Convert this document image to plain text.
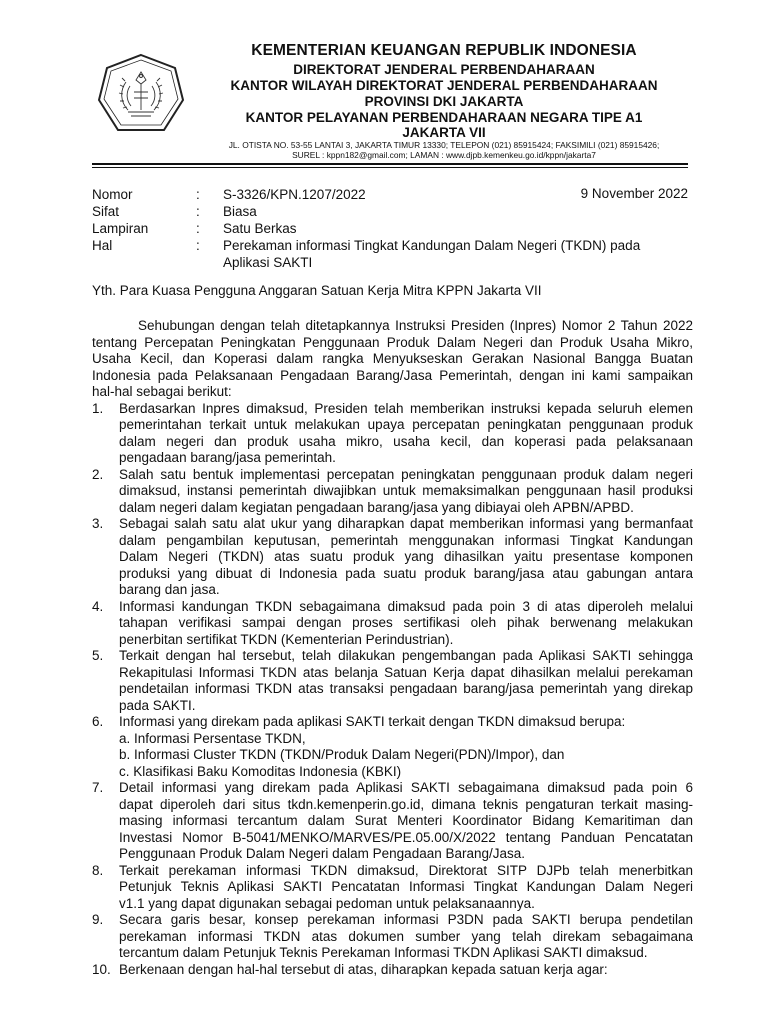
KEMENTERIAN KEUANGAN REPUBLIK INDONESIA
DIREKTORAT JENDERAL PERBENDAHARAAN
KANTOR WILAYAH DIREKTORAT JENDERAL PERBENDAHARAAN
PROVINSI DKI JAKARTA
KANTOR PELAYANAN PERBENDAHARAAN NEGARA TIPE A1
JAKARTA VII
JL. OTISTA NO. 53-55 LANTAI 3, JAKARTA TIMUR 13330; TELEPON (021) 85915424; FAKSIMILI (021) 85915426;
SUREL : kppn182@gmail.com; LAMAN : www.djpb.kemenkeu.go.id/kppn/jakarta7
Nomor	: S-3326/KPN.1207/2022	9 November 2022
Sifat	: Biasa
Lampiran	: Satu Berkas
Hal	: Perekaman informasi Tingkat Kandungan Dalam Negeri (TKDN) pada
Aplikasi SAKTI
Yth. Para Kuasa Pengguna Anggaran Satuan Kerja Mitra KPPN Jakarta VII
Sehubungan dengan telah ditetapkannya Instruksi Presiden (Inpres) Nomor 2 Tahun 2022
tentang Percepatan Peningkatan Penggunaan Produk Dalam Negeri dan Produk Usaha Mikro,
Usaha Kecil, dan Koperasi dalam rangka Menyukseskan Gerakan Nasional Bangga Buatan
Indonesia pada Pelaksanaan Pengadaan Barang/Jasa Pemerintah, dengan ini kami sampaikan
hal-hal sebagai berikut:
1. Berdasarkan Inpres dimaksud, Presiden telah memberikan instruksi kepada seluruh elemen
pemerintahan terkait untuk melakukan upaya percepatan peningkatan penggunaan produk
dalam negeri dan produk usaha mikro, usaha kecil, dan koperasi pada pelaksanaan
pengadaan barang/jasa pemerintah.
2. Salah satu bentuk implementasi percepatan peningkatan penggunaan produk dalam negeri
dimaksud, instansi pemerintah diwajibkan untuk memaksimalkan penggunaan hasil produksi
dalam negeri dalam kegiatan pengadaan barang/jasa yang dibiayai oleh APBN/APBD.
3. Sebagai salah satu alat ukur yang diharapkan dapat memberikan informasi yang bermanfaat
dalam pengambilan keputusan, pemerintah menggunakan informasi Tingkat Kandungan
Dalam Negeri (TKDN) atas suatu produk yang dihasilkan yaitu presentase komponen
produksi yang dibuat di Indonesia pada suatu produk barang/jasa atau gabungan antara
barang dan jasa.
4. Informasi kandungan TKDN sebagaimana dimaksud pada poin 3 di atas diperoleh melalui
tahapan verifikasi sampai dengan proses sertifikasi oleh pihak berwenang melakukan
penerbitan sertifikat TKDN (Kementerian Perindustrian).
5. Terkait dengan hal tersebut, telah dilakukan pengembangan pada Aplikasi SAKTI sehingga
Rekapitulasi Informasi TKDN atas belanja Satuan Kerja dapat dihasilkan melalui perekaman
pendetailan informasi TKDN atas transaksi pengadaan barang/jasa pemerintah yang direkap
pada SAKTI.
6. Informasi yang direkam pada aplikasi SAKTI terkait dengan TKDN dimaksud berupa:
a. Informasi Persentase TKDN,
b. Informasi Cluster TKDN (TKDN/Produk Dalam Negeri(PDN)/Impor), dan
c. Klasifikasi Baku Komoditas Indonesia (KBKI)
7. Detail informasi yang direkam pada Aplikasi SAKTI sebagaimana dimaksud pada poin 6
dapat diperoleh dari situs tkdn.kemenperin.go.id, dimana teknis pengaturan terkait masing-
masing informasi tercantum dalam Surat Menteri Koordinator Bidang Kemaritiman dan
Investasi Nomor B-5041/MENKO/MARVES/PE.05.00/X/2022 tentang Panduan Pencatatan
Penggunaan Produk Dalam Negeri dalam Pengadaan Barang/Jasa.
8. Terkait perekaman informasi TKDN dimaksud, Direktorat SITP DJPb telah menerbitkan
Petunjuk Teknis Aplikasi SAKTI Pencatatan Informasi Tingkat Kandungan Dalam Negeri
v1.1 yang dapat digunakan sebagai pedoman untuk pelaksanaannya.
9. Secara garis besar, konsep perekaman informasi P3DN pada SAKTI berupa pendetilan
perekaman informasi TKDN atas dokumen sumber yang telah direkam sebagaimana
tercantum dalam Petunjuk Teknis Perekaman Informasi TKDN Aplikasi SAKTI dimaksud.
10. Berkenaan dengan hal-hal tersebut di atas, diharapkan kepada satuan kerja agar:
